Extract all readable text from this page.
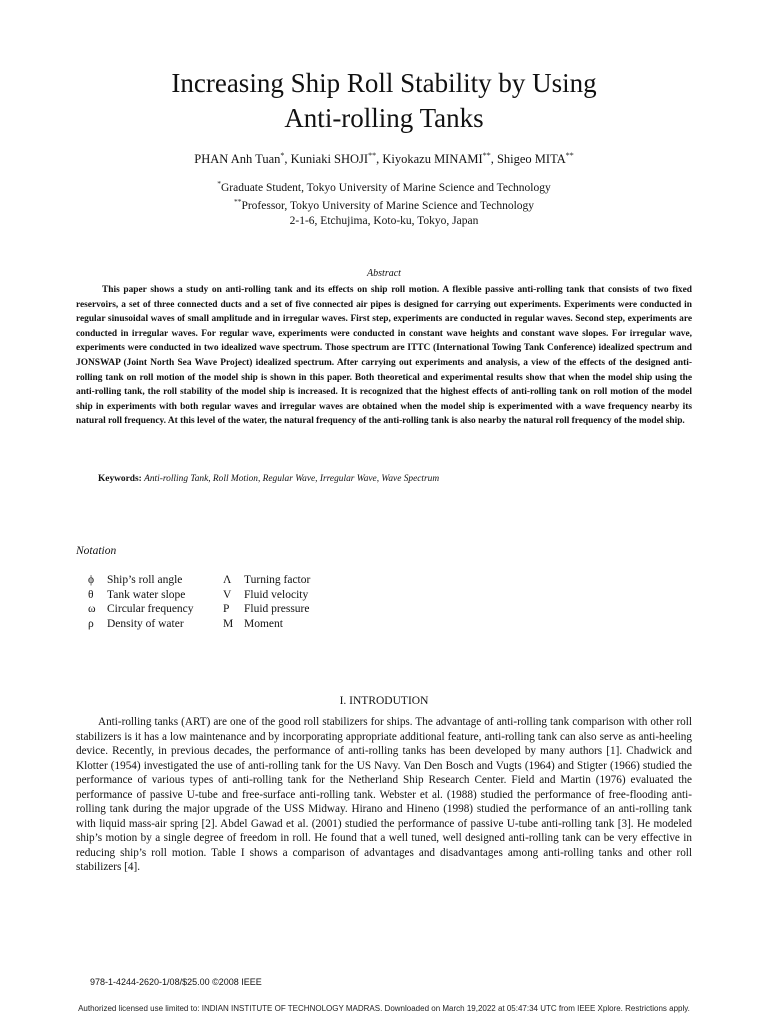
Increasing Ship Roll Stability by Using
Anti-rolling Tanks
PHAN Anh Tuan*, Kuniaki SHOJI**, Kiyokazu MINAMI**, Shigeo MITA**
*Graduate Student, Tokyo University of Marine Science and Technology
**Professor, Tokyo University of Marine Science and Technology
2-1-6, Etchujima, Koto-ku, Tokyo, Japan
Abstract

This paper shows a study on anti-rolling tank and its effects on ship roll motion. A flexible passive anti-rolling tank that consists of two fixed reservoirs, a set of three connected ducts and a set of five connected air pipes is designed for carrying out experiments. Experiments were conducted in regular sinusoidal waves of small amplitude and in irregular waves. First step, experiments are conducted in regular waves. Second step, experiments are conducted in irregular waves. For regular wave, experiments were conducted in constant wave heights and constant wave slopes. For irregular wave, experiments were conducted in two idealized wave spectrum. Those spectrum are ITTC (International Towing Tank Conference) idealized spectrum and JONSWAP (Joint North Sea Wave Project) idealized spectrum. After carrying out experiments and analysis, a view of the effects of the designed anti-rolling tank on roll motion of the model ship is shown in this paper. Both theoretical and experimental results show that when the model ship using the anti-rolling tank, the roll stability of the model ship is increased. It is recognized that the highest effects of anti-rolling tank on roll motion of the model ship in experiments with both regular waves and irregular waves are obtained when the model ship is experimented with a wave frequency nearby its natural roll frequency. At this level of the water, the natural frequency of the anti-rolling tank is also nearby the natural roll frequency of the model ship.

Keywords: Anti-rolling Tank, Roll Motion, Regular Wave, Irregular Wave, Wave Spectrum
Notation
ϕ	Ship’s roll angle	Λ	Turning factor
θ	Tank water slope	V	Fluid velocity
ω Circular frequency	P	Fluid pressure
ρ	Density of water	M Moment
I. INTRODUTION

Anti-rolling tanks (ART) are one of the good roll stabilizers for ships. The advantage of anti-rolling tank comparison with other roll stabilizers is it has a low maintenance and by incorporating appropriate additional feature, anti-rolling tank can also serve as anti-heeling device. Recently, in previous decades, the performance of anti-rolling tanks has been developed by many authors [1]. Chadwick and Klotter (1954) investigated the use of anti-rolling tank for the US Navy. Van Den Bosch and Vugts (1964) and Stigter (1966) studied the performance of various types of anti-rolling tank for the Netherland Ship Research Center. Field and Martin (1976) evaluated the performance of passive U-tube and free-surface anti-rolling tank. Webster et al. (1988) studied the performance of free-flooding anti-rolling tank during the major upgrade of the USS Midway. Hirano and Hineno (1998) studied the performance of an anti-rolling tank with liquid mass-air spring [2]. Abdel Gawad et al. (2001) studied the performance of passive U-tube anti-rolling tank [3]. He modeled ship’s motion by a single degree of freedom in roll. He found that a well tuned, well designed anti-rolling tank can be very effective in reducing ship’s roll motion. Table I shows a comparison of advantages and disadvantages among anti-rolling tanks and other roll stabilizers [4].

978-1-4244-2620-1/08/$25.00 ©2008 IEEE
Authorized licensed use limited to: INDIAN INSTITUTE OF TECHNOLOGY MADRAS. Downloaded on March 19,2022 at 05:47:34 UTC from IEEE Xplore. Restrictions apply.
